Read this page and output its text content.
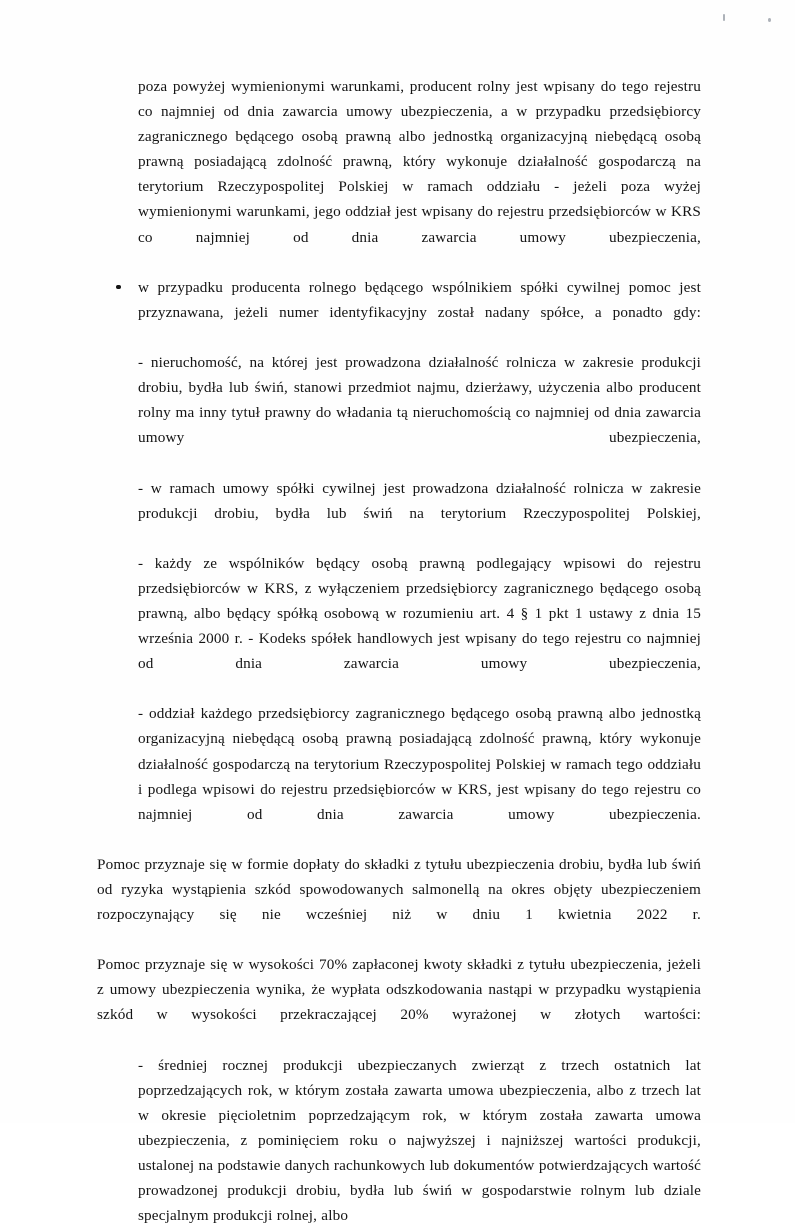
poza powyżej wymienionymi warunkami, producent rolny jest wpisany do tego rejestru co najmniej od dnia zawarcia umowy ubezpieczenia, a w przypadku przedsiębiorcy zagranicznego będącego osobą prawną albo jednostką organizacyjną niebędącą osobą prawną posiadającą zdolność prawną, który wykonuje działalność gospodarczą na terytorium Rzeczypospolitej Polskiej w ramach oddziału - jeżeli poza wyżej wymienionymi warunkami, jego oddział jest wpisany do rejestru przedsiębiorców w KRS co najmniej od dnia zawarcia umowy ubezpieczenia,

w przypadku producenta rolnego będącego wspólnikiem spółki cywilnej pomoc jest przyznawana, jeżeli numer identyfikacyjny został nadany spółce, a ponadto gdy:

- nieruchomość, na której jest prowadzona działalność rolnicza w zakresie produkcji drobiu, bydła lub świń, stanowi przedmiot najmu, dzierżawy, użyczenia albo producent rolny ma inny tytuł prawny do władania tą nieruchomością co najmniej od dnia zawarcia umowy ubezpieczenia,

- w ramach umowy spółki cywilnej jest prowadzona działalność rolnicza w zakresie produkcji drobiu, bydła lub świń na terytorium Rzeczypospolitej Polskiej,

- każdy ze wspólników będący osobą prawną podlegający wpisowi do rejestru przedsiębiorców w KRS, z wyłączeniem przedsiębiorcy zagranicznego będącego osobą prawną, albo będący spółką osobową w rozumieniu art. 4 § 1 pkt 1 ustawy z dnia 15 września 2000 r. - Kodeks spółek handlowych jest wpisany do tego rejestru co najmniej od dnia zawarcia umowy ubezpieczenia,

- oddział każdego przedsiębiorcy zagranicznego będącego osobą prawną albo jednostką organizacyjną niebędącą osobą prawną posiadającą zdolność prawną, który wykonuje działalność gospodarczą na terytorium Rzeczypospolitej Polskiej w ramach tego oddziału i podlega wpisowi do rejestru przedsiębiorców w KRS, jest wpisany do tego rejestru co najmniej od dnia zawarcia umowy ubezpieczenia.

Pomoc przyznaje się w formie dopłaty do składki z tytułu ubezpieczenia drobiu, bydła lub świń od ryzyka wystąpienia szkód spowodowanych salmonellą na okres objęty ubezpieczeniem rozpoczynający się nie wcześniej niż w dniu 1 kwietnia 2022 r.

Pomoc przyznaje się w wysokości 70% zapłaconej kwoty składki z tytułu ubezpieczenia, jeżeli z umowy ubezpieczenia wynika, że wypłata odszkodowania nastąpi w przypadku wystąpienia szkód w wysokości przekraczającej 20% wyrażonej w złotych wartości:

- średniej rocznej produkcji ubezpieczanych zwierząt z trzech ostatnich lat poprzedzających rok, w którym została zawarta umowa ubezpieczenia, albo z trzech lat w okresie pięcioletnim poprzedzającym rok, w którym została zawarta umowa ubezpieczenia, z pominięciem roku o najwyższej i najniższej wartości produkcji, ustalonej na podstawie danych rachunkowych lub dokumentów potwierdzających wartość prowadzonej produkcji drobiu, bydła lub świń w gospodarstwie rolnym lub dziale specjalnym produkcji rolnej, albo
